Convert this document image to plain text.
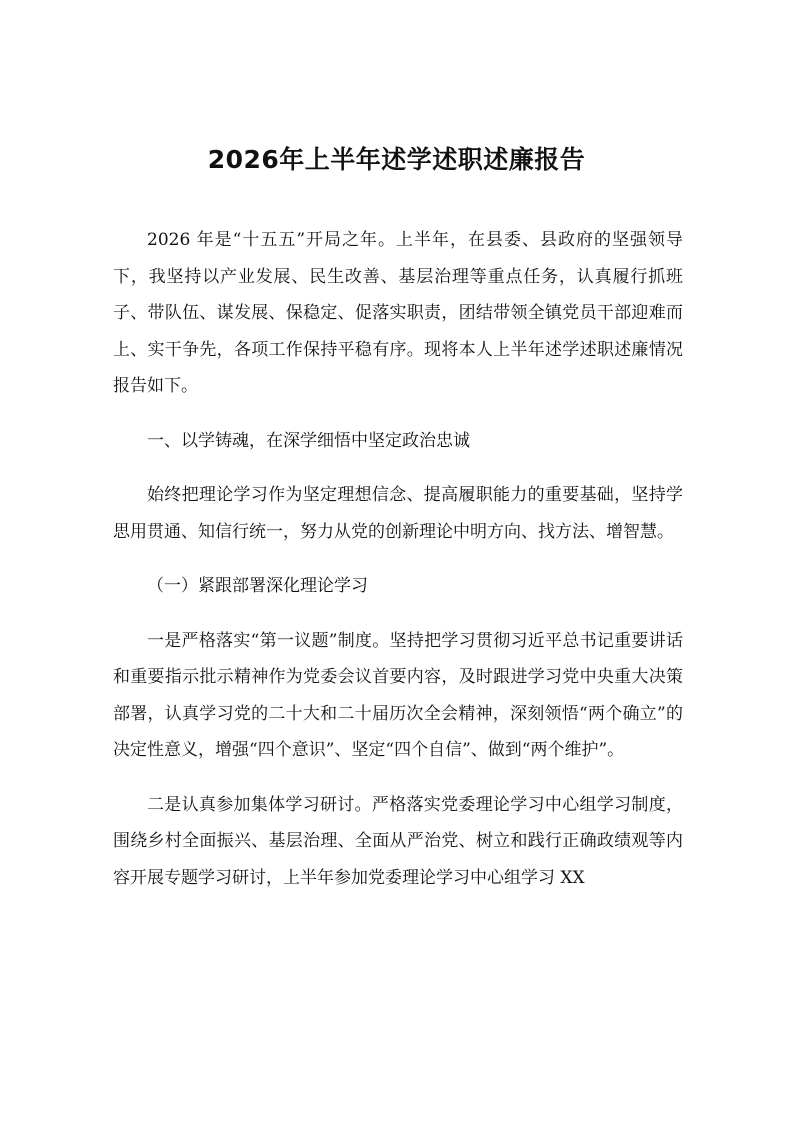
2026年上半年述学述职述廉报告

2026 年是“十五五”开局之年。上半年，在县委、县政府的坚强领导下，我坚持以产业发展、民生改善、基层治理等重点任务，认真履行抓班子、带队伍、谋发展、保稳定、促落实职责，团结带领全镇党员干部迎难而上、实干争先，各项工作保持平稳有序。现将本人上半年述学述职述廉情况报告如下。

一、以学铸魂，在深学细悟中坚定政治忠诚

始终把理论学习作为坚定理想信念、提高履职能力的重要基础，坚持学思用贯通、知信行统一，努力从党的创新理论中明方向、找方法、增智慧。

（一）紧跟部署深化理论学习

一是严格落实“第一议题”制度。坚持把学习贯彻习近平总书记重要讲话和重要指示批示精神作为党委会议首要内容，及时跟进学习党中央重大决策部署，认真学习党的二十大和二十届历次全会精神，深刻领悟“两个确立”的决定性意义，增强“四个意识”、坚定“四个自信”、做到“两个维护”。

二是认真参加集体学习研讨。严格落实党委理论学习中心组学习制度，围绕乡村全面振兴、基层治理、全面从严治党、树立和践行正确政绩观等内容开展专题学习研讨，上半年参加党委理论学习中心组学习 XX
